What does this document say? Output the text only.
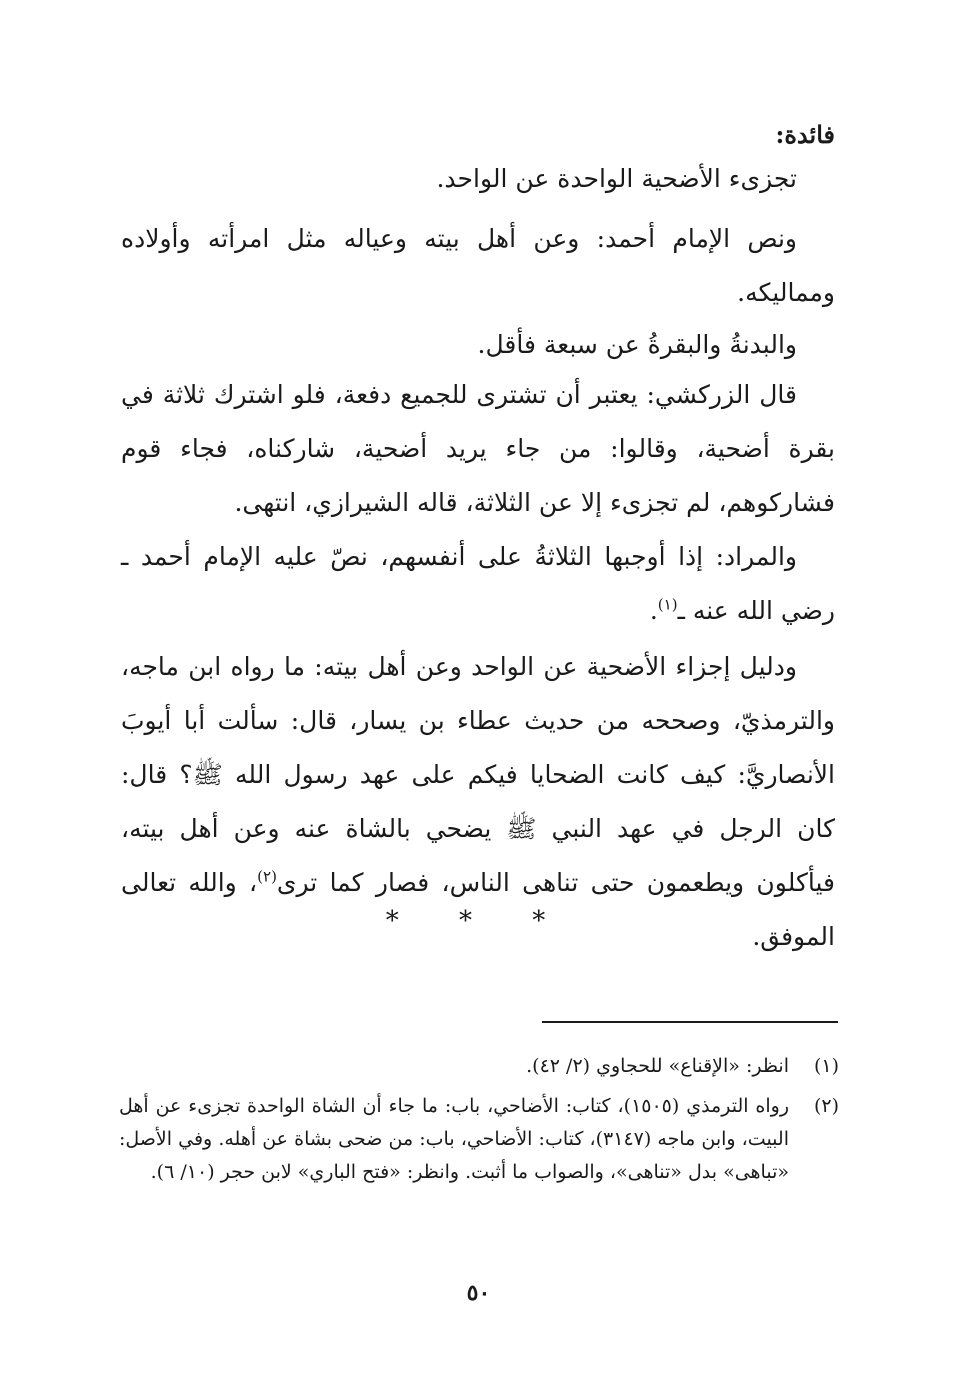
فائدة:

تجزىء الأضحية الواحدة عن الواحد.

ونص الإمام أحمد: وعن أهل بيته وعياله مثل امرأته وأولاده ومماليكه.

والبدنةُ والبقرةُ عن سبعة فأقل.

قال الزركشي: يعتبر أن تشترى للجميع دفعة، فلو اشترك ثلاثة في بقرة أضحية، وقالوا: من جاء يريد أضحية، شاركناه، فجاء قوم فشاركوهم، لم تجزىء إلا عن الثلاثة، قاله الشيرازي، انتهى.

والمراد: إذا أوجبها الثلاثةُ على أنفسهم، نصّ عليه الإمام أحمد ـ رضي الله عنه ـ$^{(١)}$.

ودليل إجزاء الأضحية عن الواحد وعن أهل بيته: ما رواه ابن ماجه، والترمذيّ، وصححه من حديث عطاء بن يسار، قال: سألت أبا أيوبَ الأنصاريَّ: كيف كانت الضحايا فيكم على عهد رسول الله ﷺ؟ قال: كان الرجل في عهد النبي ﷺ يضحي بالشاة عنه وعن أهل بيته، فيأكلون ويطعمون حتى تناهى الناس، فصار كما ترى$^{(٢)}$، والله تعالى الموفق.

* * *
(١)
انظر: «الإقناع» للحجاوي (٢/ ٤٢).
(٢)
رواه الترمذي (١٥٠٥)، كتاب: الأضاحي، باب: ما جاء أن الشاة الواحدة تجزىء عن أهل البيت، وابن ماجه (٣١٤٧)، كتاب: الأضاحي، باب: من ضحى بشاة عن أهله. وفي الأصل: «تباهى» بدل «تناهى»، والصواب ما أثبت. وانظر: «فتح الباري» لابن حجر (١٠/ ٦).
٥٠
